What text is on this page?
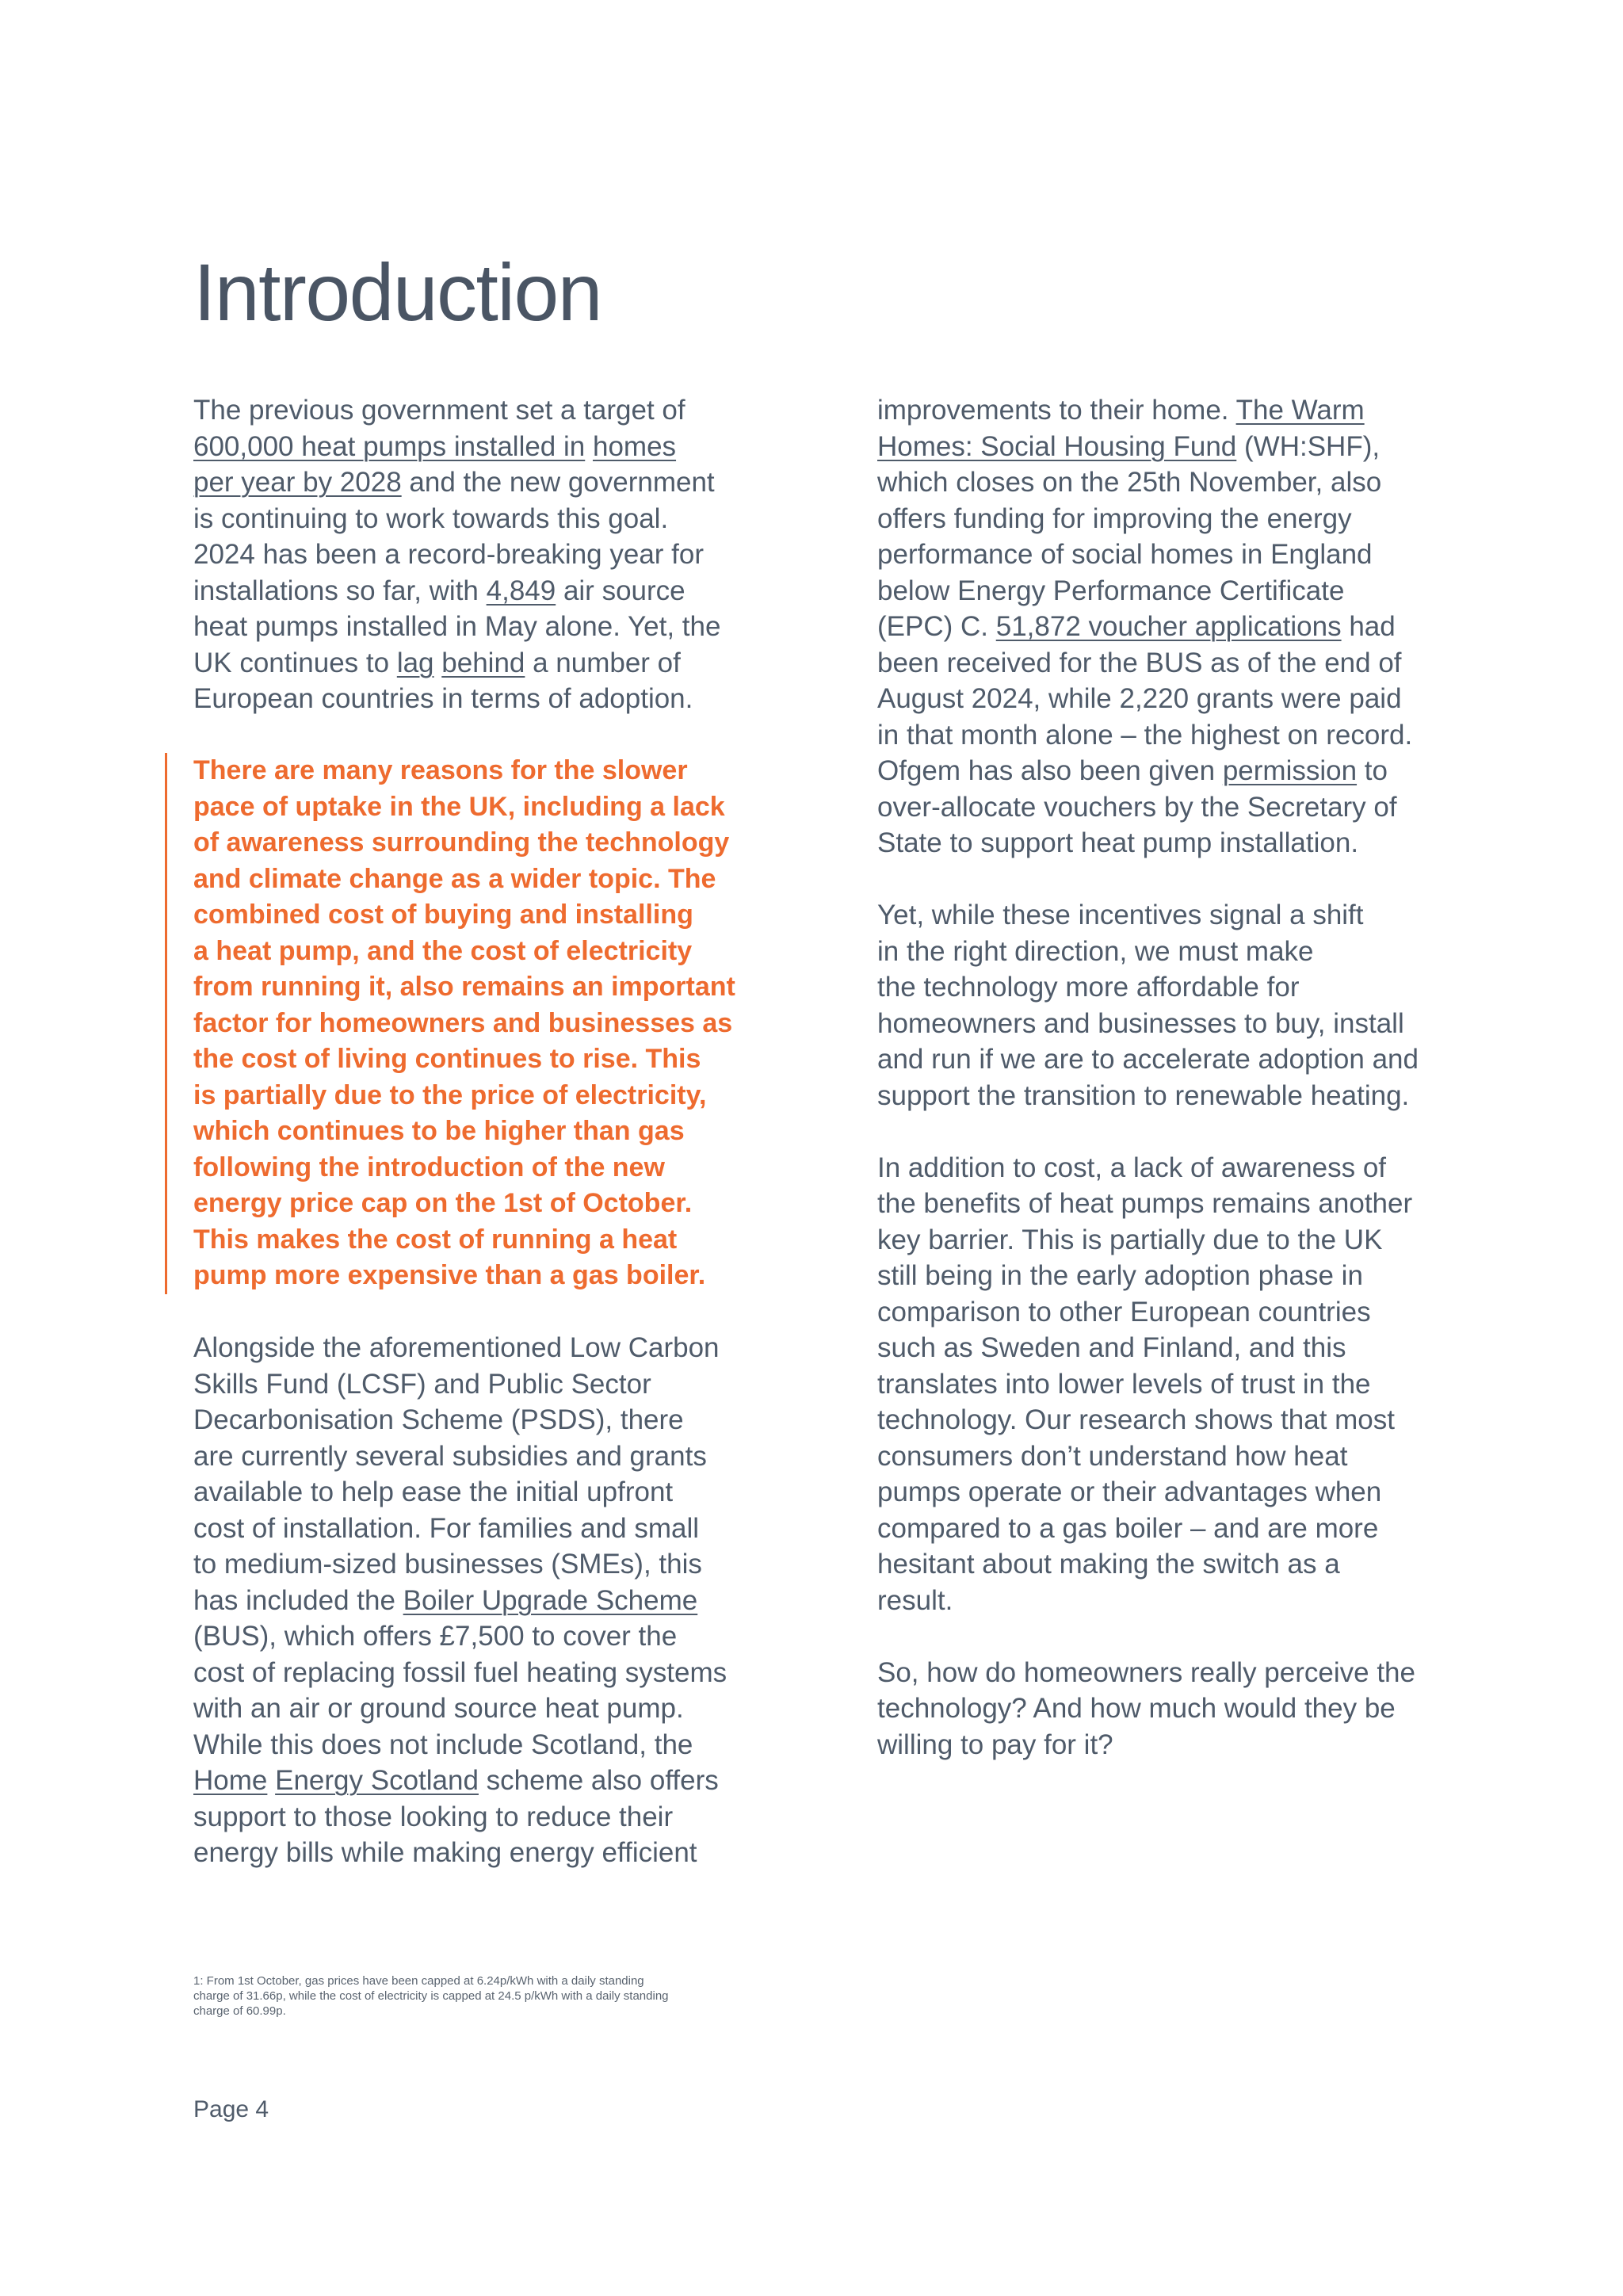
Introduction
The previous government set a target of
600,000 heat pumps installed in homes
per year by 2028 and the new government
is continuing to work towards this goal.
2024 has been a record-breaking year for
installations so far, with 4,849 air source
heat pumps installed in May alone. Yet, the
UK continues to lag behind a number of
European countries in terms of adoption.
There are many reasons for the slower
pace of uptake in the UK, including a lack
of awareness surrounding the technology
and climate change as a wider topic. The
combined cost of buying and installing
a heat pump, and the cost of electricity
from running it, also remains an important
factor for homeowners and businesses as
the cost of living continues to rise. This
is partially due to the price of electricity,
which continues to be higher than gas
following the introduction of the new
energy price cap on the 1st of October.
This makes the cost of running a heat
pump more expensive than a gas boiler.
Alongside the aforementioned Low Carbon
Skills Fund (LCSF) and Public Sector
Decarbonisation Scheme (PSDS), there
are currently several subsidies and grants
available to help ease the initial upfront
cost of installation. For families and small
to medium-sized businesses (SMEs), this
has included the Boiler Upgrade Scheme
(BUS), which offers £7,500 to cover the
cost of replacing fossil fuel heating systems
with an air or ground source heat pump.
While this does not include Scotland, the
Home Energy Scotland scheme also offers
support to those looking to reduce their
energy bills while making energy efficient
improvements to their home. The Warm
Homes: Social Housing Fund (WH:SHF),
which closes on the 25th November, also
offers funding for improving the energy
performance of social homes in England
below Energy Performance Certificate
(EPC) C. 51,872 voucher applications had
been received for the BUS as of the end of
August 2024, while 2,220 grants were paid
in that month alone – the highest on record.
Ofgem has also been given permission to
over-allocate vouchers by the Secretary of
State to support heat pump installation.
Yet, while these incentives signal a shift
in the right direction, we must make
the technology more affordable for
homeowners and businesses to buy, install
and run if we are to accelerate adoption and
support the transition to renewable heating.
In addition to cost, a lack of awareness of
the benefits of heat pumps remains another
key barrier. This is partially due to the UK
still being in the early adoption phase in
comparison to other European countries
such as Sweden and Finland, and this
translates into lower levels of trust in the
technology. Our research shows that most
consumers don’t understand how heat
pumps operate or their advantages when
compared to a gas boiler – and are more
hesitant about making the switch as a
result.
So, how do homeowners really perceive the
technology? And how much would they be
willing to pay for it?
1: From 1st October, gas prices have been capped at 6.24p/kWh with a daily standing
charge of 31.66p, while the cost of electricity is capped at 24.5 p/kWh with a daily standing
charge of 60.99p.
Page 4
